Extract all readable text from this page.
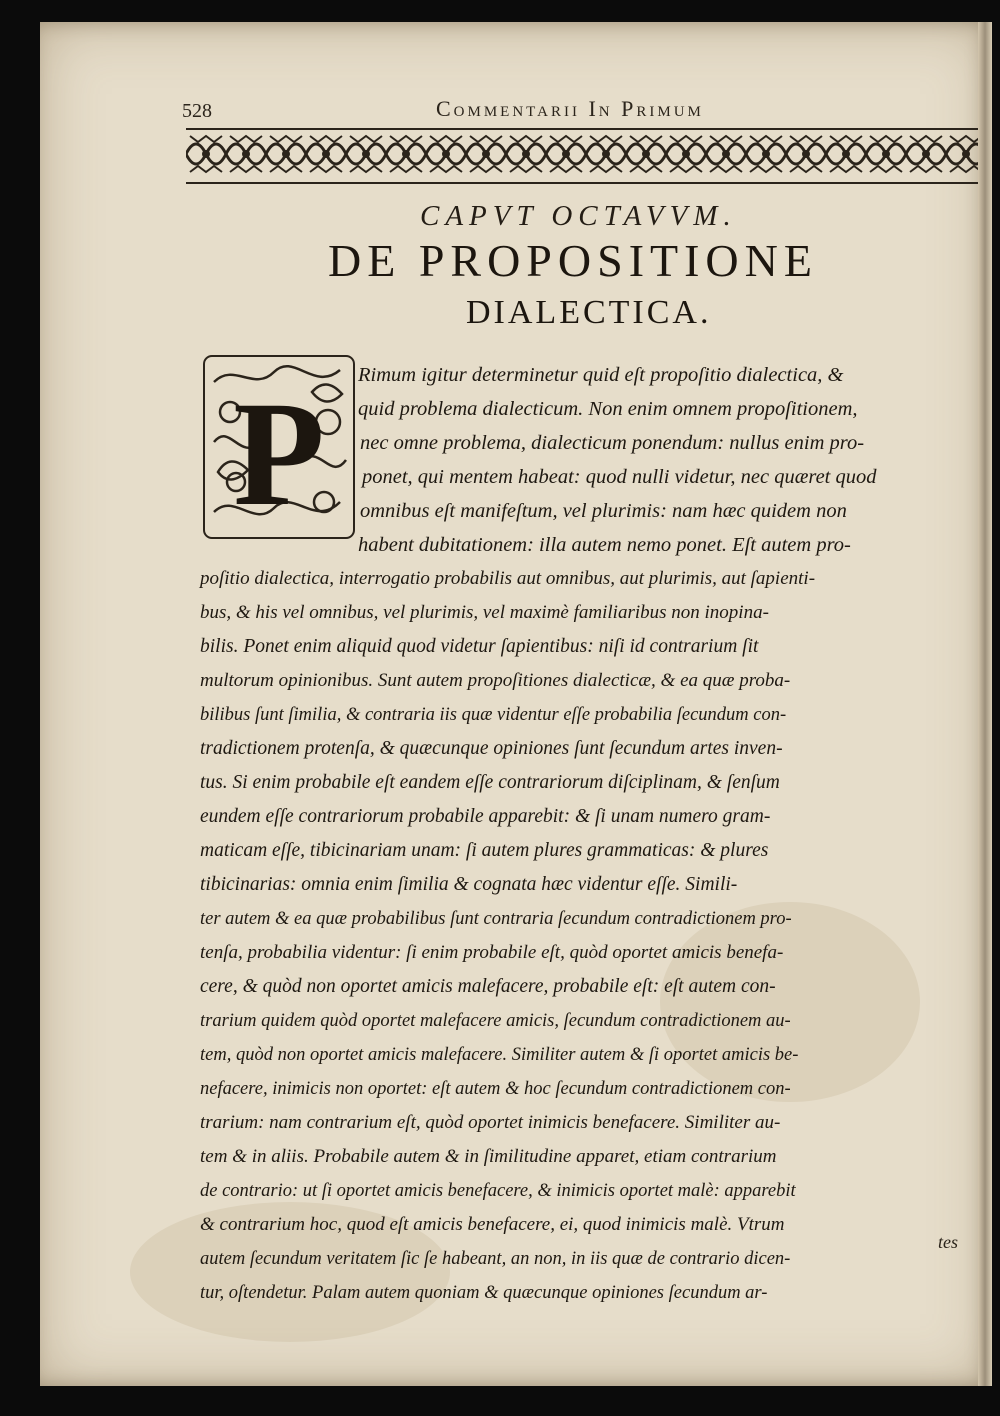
528	Commentarii In Primum
CAPVT OCTAVVM.
DE PROPOSITIONE
DIALECTICA.
P Rimum igitur determinetur quid eſt propoſitio dialectica, &
quid problema dialecticum. Non enim omnem propoſitionem,
nec omne problema, dialecticum ponendum: nullus enim pro-
ponet, qui mentem habeat: quod nulli videtur, nec quæret quod
omnibus eſt manifeſtum, vel plurimis: nam hæc quidem non
habent dubitationem: illa autem nemo ponet. Eſt autem pro-
poſitio dialectica, interrogatio probabilis aut omnibus, aut plurimis, aut ſapienti-
bus, & his vel omnibus, vel plurimis, vel maximè familiaribus non inopina-
bilis. Ponet enim aliquid quod videtur ſapientibus: niſi id contrarium ſit
multorum opinionibus. Sunt autem propoſitiones dialecticæ, & ea quæ proba-
bilibus ſunt ſimilia, & contraria iis quæ videntur eſſe probabilia ſecundum con-
tradictionem protenſa, & quæcunque opiniones ſunt ſecundum artes inven-
tus. Si enim probabile eſt eandem eſſe contrariorum diſciplinam, & ſenſum
eundem eſſe contrariorum probabile apparebit: & ſi unam numero gram-
maticam eſſe, tibicinariam unam: ſi autem plures grammaticas: & plures
tibicinarias: omnia enim ſimilia & cognata hæc videntur eſſe. Simili-
ter autem & ea quæ probabilibus ſunt contraria ſecundum contradictionem pro-
tenſa, probabilia videntur: ſi enim probabile eſt, quòd oportet amicis benefa-
cere, & quòd non oportet amicis malefacere, probabile eſt: eſt autem con-
trarium quidem quòd oportet malefacere amicis, ſecundum contradictionem au-
tem, quòd non oportet amicis malefacere. Similiter autem & ſi oportet amicis be-
nefacere, inimicis non oportet: eſt autem & hoc ſecundum contradictionem con-
trarium: nam contrarium eſt, quòd oportet inimicis benefacere. Similiter au-
tem & in aliis. Probabile autem & in ſimilitudine apparet, etiam contrarium
de contrario: ut ſi oportet amicis benefacere, & inimicis oportet malè: apparebit
& contrarium hoc, quod eſt amicis benefacere, ei, quod inimicis malè. Vtrum
autem ſecundum veritatem ſic ſe habeant, an non, in iis quæ de contrario dicen-
tur, oſtendetur. Palam autem quoniam & quæcunque opiniones ſecundum ar-
tes
